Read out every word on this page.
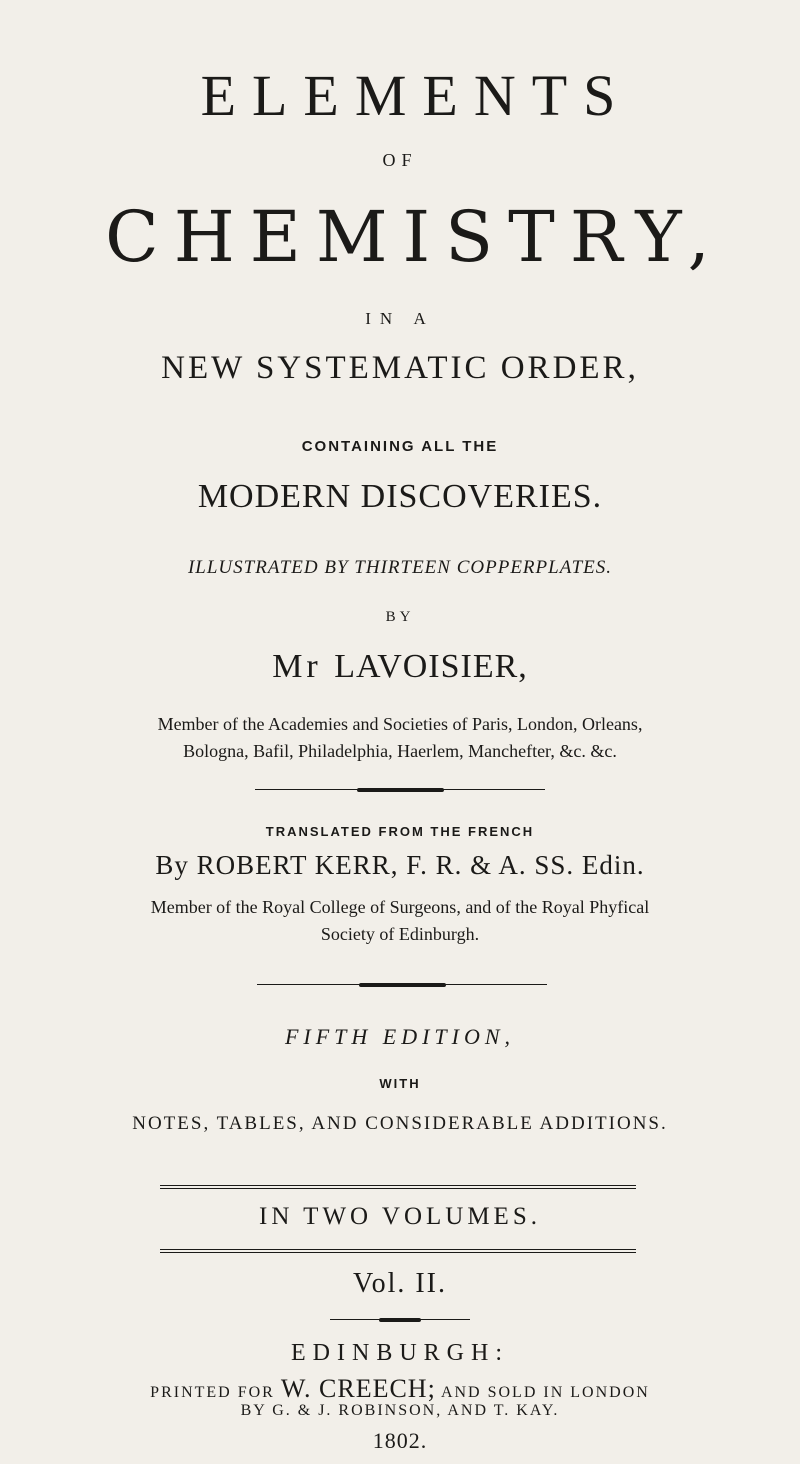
ELEMENTS
OF
CHEMISTRY,
IN A
NEW SYSTEMATIC ORDER,
CONTAINING ALL THE
MODERN DISCOVERIES.
ILLUSTRATED BY THIRTEEN COPPERPLATES.
BY
Mr LAVOISIER,
Member of the Academies and Societies of Paris, London, Orleans,
Bologna, Bafil, Philadelphia, Haerlem, Manchefter, &c. &c.
TRANSLATED FROM THE FRENCH
By ROBERT KERR, F. R. & A. SS. Edin.
Member of the Royal College of Surgeons, and of the Royal Phyfical
Society of Edinburgh.
FIFTH EDITION,
WITH
NOTES, TABLES, AND CONSIDERABLE ADDITIONS.
IN TWO VOLUMES.
Vol. II.
EDINBURGH:
PRINTED FOR W. CREECH; AND SOLD IN LONDON
BY G. & J. ROBINSON, AND T. KAY.
1802.
